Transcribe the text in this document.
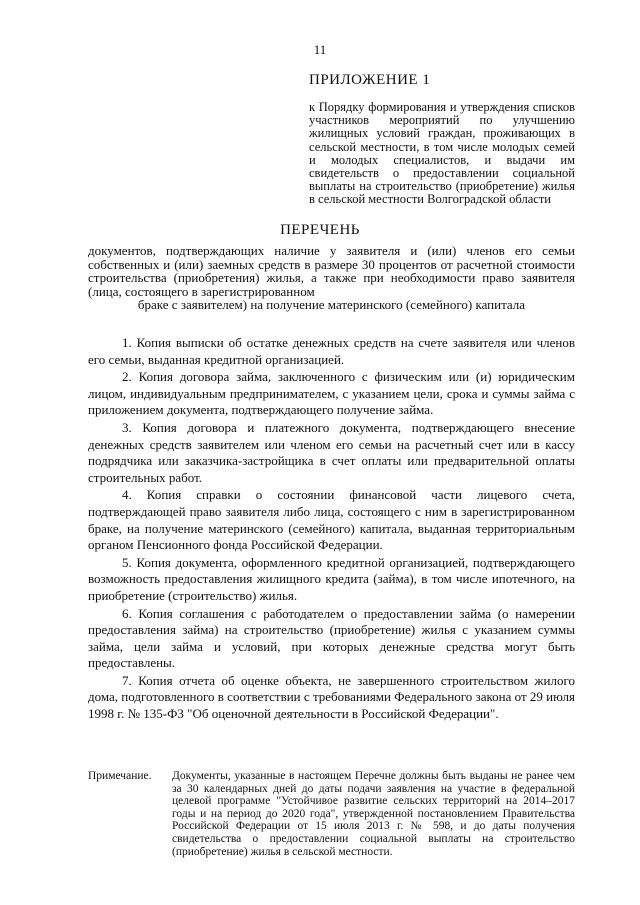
11
ПРИЛОЖЕНИЕ 1
к Порядку формирования и утверждения списков участников мероприятий по улучшению жилищных условий граждан, проживающих в сельской местности, в том числе молодых семей и молодых специалистов, и выдачи им свидетельств о предоставлении социальной выплаты на строительство (приобретение) жилья в сельской местности Волгоградской области
ПЕРЕЧЕНЬ
документов, подтверждающих наличие у заявителя и (или) членов его семьи собственных и (или) заемных средств в размере 30 процентов от расчетной стоимости строительства (приобретения) жилья, а также при необходимости право заявителя (лица, состоящего в зарегистрированном
браке с заявителем) на получение материнского (семейного) капитала

1. Копия выписки об остатке денежных средств на счете заявителя или членов его семьи, выданная кредитной организацией.

2. Копия договора займа, заключенного с физическим или (и) юридическим лицом, индивидуальным предпринимателем, с указанием цели, срока и суммы займа с приложением документа, подтверждающего получение займа.

3. Копия договора и платежного документа, подтверждающего внесение денежных средств заявителем или членом его семьи на расчетный счет или в кассу подрядчика или заказчика-застройщика в счет оплаты или предварительной оплаты строительных работ.

4. Копия справки о состоянии финансовой части лицевого счета, подтверждающей право заявителя либо лица, состоящего с ним в зарегистрированном браке, на получение материнского (семейного) капитала, выданная территориальным органом Пенсионного фонда Российской Федерации.

5. Копия документа, оформленного кредитной организацией, подтверждающего возможность предоставления жилищного кредита (займа), в том числе ипотечного, на приобретение (строительство) жилья.

6. Копия соглашения с работодателем о предоставлении займа (о намерении предоставления займа) на строительство (приобретение) жилья с указанием суммы займа, цели займа и условий, при которых денежные средства могут быть предоставлены.

7. Копия отчета об оценке объекта, не завершенного строительством жилого дома, подготовленного в соответствии с требованиями Федерального закона от 29 июля 1998 г. № 135-ФЗ "Об оценочной деятельности в Российской Федерации".

Примечание.	Документы, указанные в настоящем Перечне должны быть выданы не ранее чем за 30 календарных дней до даты подачи заявления на участие в федеральной целевой программе "Устойчивое развитие сельских территорий на 2014–2017 годы и на период до 2020 года", утвержденной постановлением Правительства Российской Федерации от 15 июля 2013 г. № 598, и до даты получения свидетельства о предоставлении социальной выплаты на строительство (приобретение) жилья в сельской местности.
